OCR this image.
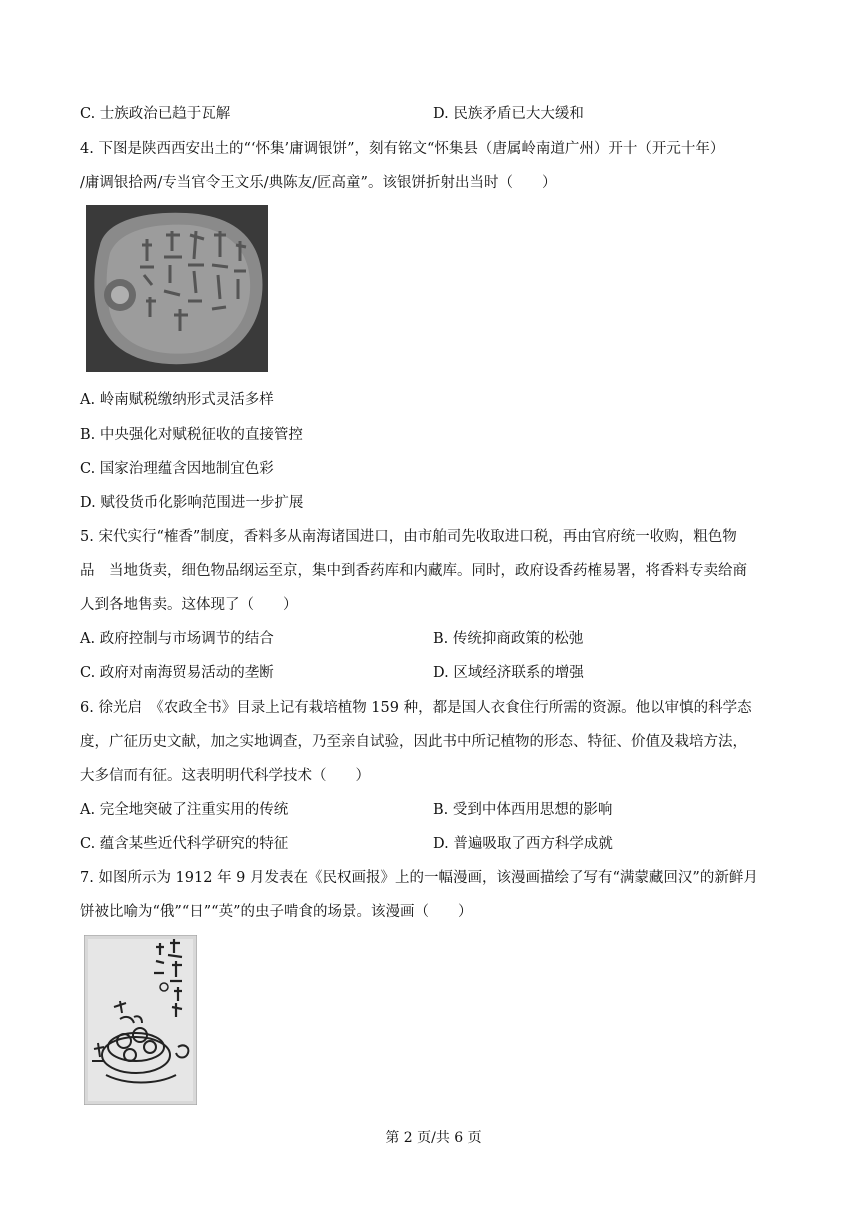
C. 士族政治已趋于瓦解	D. 民族矛盾已大大缓和
4. 下图是陕西西安出土的“‘怀集’庸调银饼”，刻有铭文“怀集县（唐属岭南道广州）开十（开元十年）
/庸调银拾两/专当官令王文乐/典陈友/匠高童”。该银饼折射出当时（　　）
A. 岭南赋税缴纳形式灵活多样
B. 中央强化对赋税征收的直接管控
C. 国家治理蕴含因地制宜色彩
D. 赋役货币化影响范围进一步扩展
5. 宋代实行“榷香”制度，香料多从南海诸国进口，由市舶司先收取进口税，再由官府统一收购，粗色物
品　当地货卖，细色物品纲运至京，集中到香药库和内藏库。同时，政府设香药榷易署，将香料专卖给商
人到各地售卖。这体现了（　　）
A. 政府控制与市场调节的结合	B. 传统抑商政策的松弛
C. 政府对南海贸易活动的垄断	D. 区域经济联系的增强
6. 徐光启　《农政全书》目录上记有栽培植物 159 种，都是国人衣食住行所需的资源。他以审慎的科学态
度，广征历史文献，加之实地调查，乃至亲自试验，因此书中所记植物的形态、特征、价值及栽培方法，
大多信而有征。这表明明代科学技术（　　）
A. 完全地突破了注重实用的传统	B. 受到中体西用思想的影响
C. 蕴含某些近代科学研究的特征	D. 普遍吸取了西方科学成就
7. 如图所示为 1912 年 9 月发表在《民权画报》上的一幅漫画，该漫画描绘了写有“满蒙藏回汉”的新鲜月
饼被比喻为“俄”“日”“英”的虫子啃食的场景。该漫画（　　）
第 2 页/共 6 页
